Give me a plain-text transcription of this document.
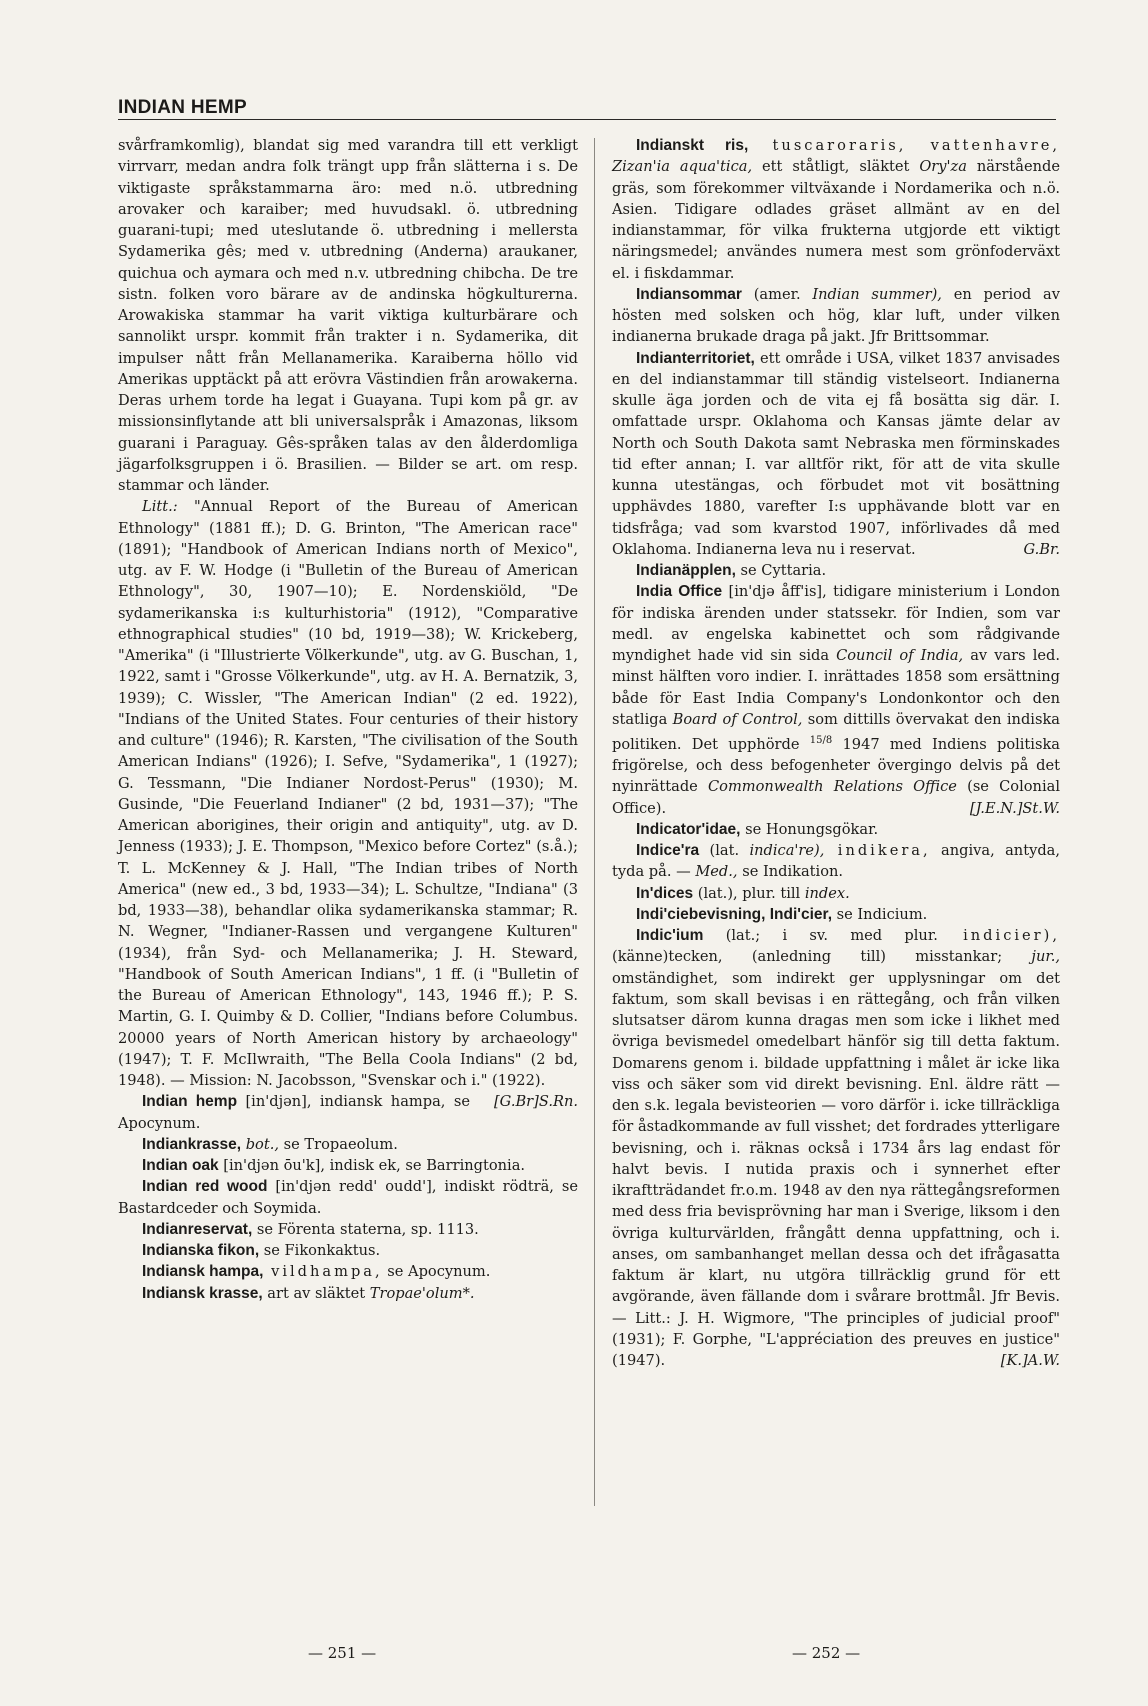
INDIAN HEMP

svårframkomlig), blandat sig med varandra till ett verkligt virrvarr, medan andra folk trängt upp från slätterna i s. De viktigaste språkstammarna äro: med n.ö. utbredning arovaker och karaiber; med huvudsakl. ö. utbredning guarani-tupi; med uteslutande ö. utbredning i mellersta Sydamerika gês; med v. utbredning (Anderna) araukaner, quichua och aymara och med n.v. utbredning chibcha. De tre sistn. folken voro bärare av de andinska högkulturerna. Arowakiska stammar ha varit viktiga kulturbärare och sannolikt urspr. kommit från trakter i n. Sydamerika, dit impulser nått från Mellanamerika. Karaiberna höllo vid Amerikas upptäckt på att erövra Västindien från arowakerna. Deras urhem torde ha legat i Guayana. Tupi kom på gr. av missionsinflytande att bli universalspråk i Amazonas, liksom guarani i Paraguay. Gês-språken talas av den ålderdomliga jägarfolksgruppen i ö. Brasilien. — Bilder se art. om resp. stammar och länder.

Litt.: "Annual Report of the Bureau of American Ethnology" (1881 ff.); D. G. Brinton, "The American race" (1891); "Handbook of American Indians north of Mexico", utg. av F. W. Hodge (i "Bulletin of the Bureau of American Ethnology", 30, 1907—10); E. Nordenskiöld, "De sydamerikanska i:s kulturhistoria" (1912), "Comparative ethnographical studies" (10 bd, 1919—38); W. Krickeberg, "Amerika" (i "Illustrierte Völkerkunde", utg. av G. Buschan, 1, 1922, samt i "Grosse Völkerkunde", utg. av H. A. Bernatzik, 3, 1939); C. Wissler, "The American Indian" (2 ed. 1922), "Indians of the United States. Four centuries of their history and culture" (1946); R. Karsten, "The civilisation of the South American Indians" (1926); I. Sefve, "Sydamerika", 1 (1927); G. Tessmann, "Die Indianer Nordost-Perus" (1930); M. Gusinde, "Die Feuerland Indianer" (2 bd, 1931—37); "The American aborigines, their origin and antiquity", utg. av D. Jenness (1933); J. E. Thompson, "Mexico before Cortez" (s.å.); T. L. McKenney & J. Hall, "The Indian tribes of North America" (new ed., 3 bd, 1933—34); L. Schultze, "Indiana" (3 bd, 1933—38), behandlar olika sydamerikanska stammar; R. N. Wegner, "Indianer-Rassen und vergangene Kulturen" (1934), från Syd- och Mellanamerika; J. H. Steward, "Handbook of South American Indians", 1 ff. (i "Bulletin of the Bureau of American Ethnology", 143, 1946 ff.); P. S. Martin, G. I. Quimby & D. Collier, "Indians before Columbus. 20000 years of North American history by archaeology" (1947); T. F. McIlwraith, "The Bella Coola Indians" (2 bd, 1948). — Mission: N. Jacobsson, "Svenskar och i." (1922).
[G.Br]S.Rn.

Indian hemp [in'djən], indiansk hampa, se Apocynum.

Indiankrasse, bot., se Tropaeolum.

Indian oak [in'djən ōu'k], indisk ek, se Barringtonia.

Indian red wood [in'djən redd' oudd'], indiskt rödträ, se Bastardceder och Soymida.

Indianreservat, se Förenta staterna, sp. 1113.

Indianska fikon, se Fikonkaktus.

Indiansk hampa, vildhampa, se Apocynum.

Indiansk krasse, art av släktet Tropae'olum*.

Indianskt ris, tuscaroraris, vattenhavre, Zizan'ia aqua'tica, ett ståtligt, släktet Ory'za närstående gräs, som förekommer viltväxande i Nordamerika och n.ö. Asien. Tidigare odlades gräset allmänt av en del indianstammar, för vilka frukterna utgjorde ett viktigt näringsmedel; användes numera mest som grönfoderväxt el. i fiskdammar.

Indiansommar (amer. Indian summer), en period av hösten med solsken och hög, klar luft, under vilken indianerna brukade draga på jakt. Jfr Brittsommar.

Indianterritoriet, ett område i USA, vilket 1837 anvisades en del indianstammar till ständig vistelseort. Indianerna skulle äga jorden och de vita ej få bosätta sig där. I. omfattade urspr. Oklahoma och Kansas jämte delar av North och South Dakota samt Nebraska men förminskades tid efter annan; I. var alltför rikt, för att de vita skulle kunna utestängas, och förbudet mot vit bosättning upphävdes 1880, varefter I:s upphävande blott var en tidsfråga; vad som kvarstod 1907, införlivades då med Oklahoma. Indianerna leva nu i reservat.	G.Br.

Indianäpplen, se Cyttaria.

India Office [in'djə åff'is], tidigare ministerium i London för indiska ärenden under statssekr. för Indien, som var medl. av engelska kabinettet och som rådgivande myndighet hade vid sin sida Council of India, av vars led. minst hälften voro indier. I. inrättades 1858 som ersättning både för East India Company's Londonkontor och den statliga Board of Control, som dittills övervakat den indiska politiken. Det upphörde $^{15/8}$ 1947 med Indiens politiska frigörelse, och dess befogenheter övergingo delvis på det nyinrättade Commonwealth Relations Office (se Colonial Office).	[J.E.N.]St.W.

Indicator'idae, se Honungsgökar.

Indice'ra (lat. indica're), indikera, angiva, antyda, tyda på. — Med., se Indikation.

In'dices (lat.), plur. till index.

Indi'ciebevisning, Indi'cier, se Indicium.

Indic'ium (lat.; i sv. med plur. indicier), (känne)tecken, (anledning till) misstankar; jur., omständighet, som indirekt ger upplysningar om det faktum, som skall bevisas i en rättegång, och från vilken slutsatser därom kunna dragas men som icke i likhet med övriga bevismedel omedelbart hänför sig till detta faktum. Domarens genom i. bildade uppfattning i målet är icke lika viss och säker som vid direkt bevisning. Enl. äldre rätt — den s.k. legala bevisteorien — voro därför i. icke tillräckliga för åstadkommande av full visshet; det fordrades ytterligare bevisning, och i. räknas också i 1734 års lag endast för halvt bevis. I nutida praxis och i synnerhet efter ikraftträdandet fr.o.m. 1948 av den nya rättegångsreformen med dess fria bevisprövning har man i Sverige, liksom i den övriga kulturvärlden, frångått denna uppfattning, och i. anses, om sambanhanget mellan dessa och det ifrågasatta faktum är klart, nu utgöra tillräcklig grund för ett avgörande, även fällande dom i svårare brottmål. Jfr Bevis. — Litt.: J. H. Wigmore, "The principles of judicial proof" (1931); F. Gorphe, "L'appréciation des preuves en justice" (1947).	[K.]A.W.

— 251 —	— 252 —
